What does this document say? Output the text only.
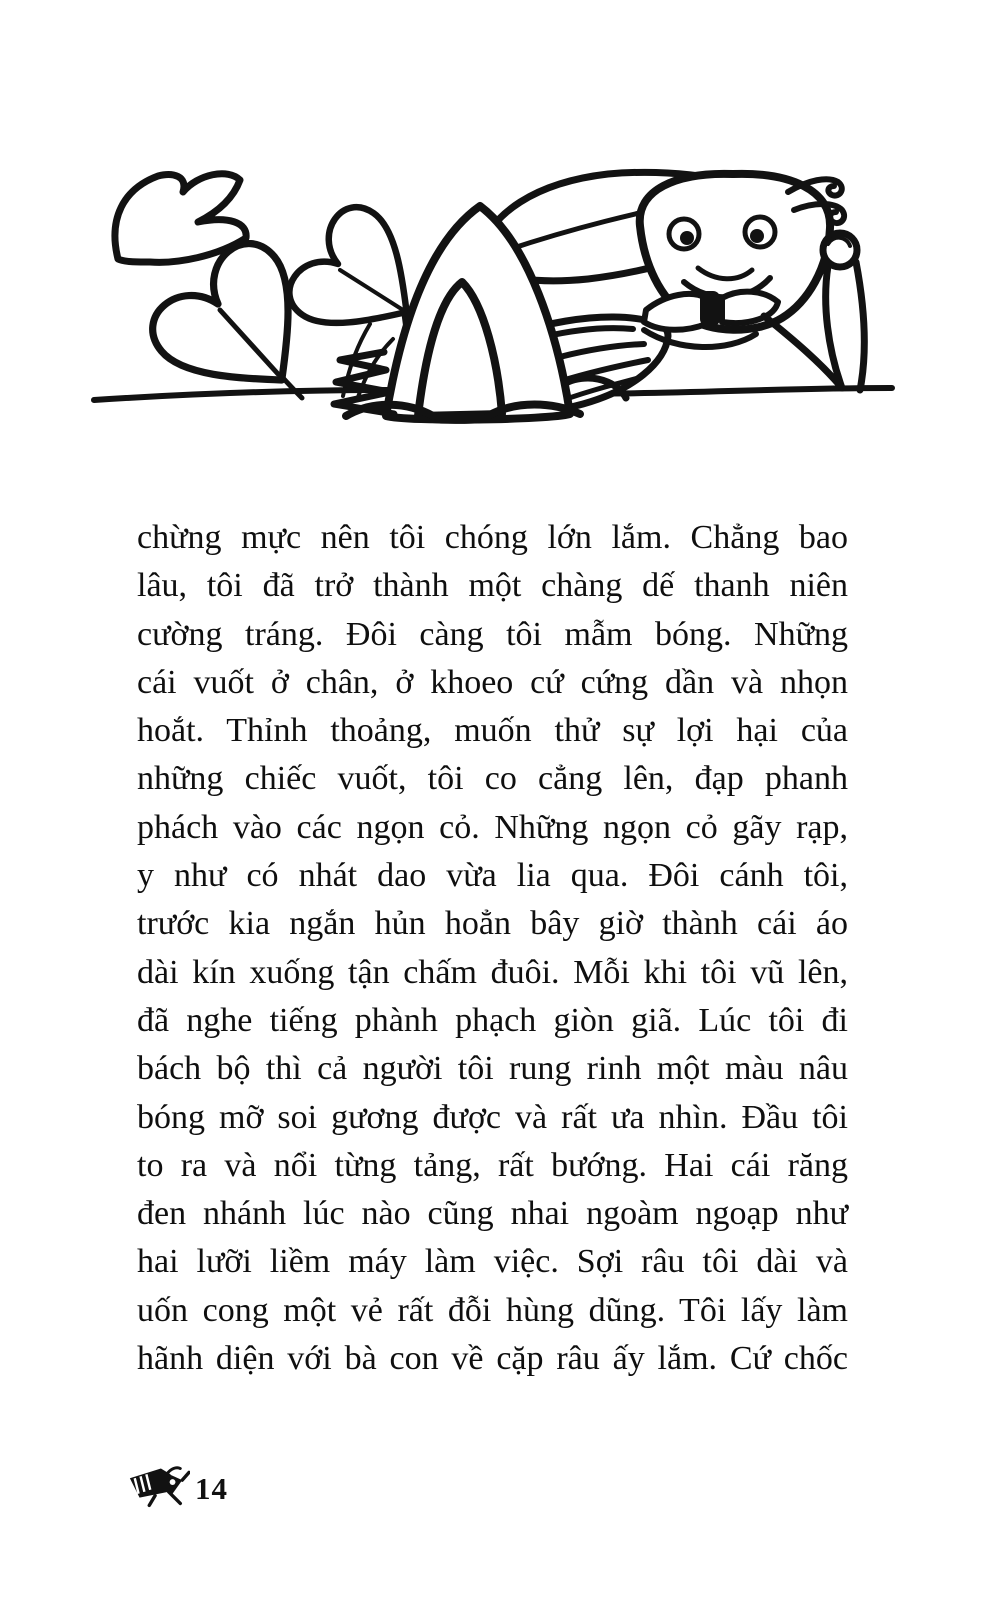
chừng mực nên tôi chóng lớn lắm. Chẳng bao
lâu, tôi đã trở thành một chàng dế thanh niên
cường tráng. Đôi càng tôi mẫm bóng. Những
cái vuốt ở chân, ở khoeo cứ cứng dần và nhọn
hoắt. Thỉnh thoảng, muốn thử sự lợi hại của
những chiếc vuốt, tôi co cẳng lên, đạp phanh
phách vào các ngọn cỏ. Những ngọn cỏ gãy rạp,
y như có nhát dao vừa lia qua. Đôi cánh tôi,
trước kia ngắn hủn hoẳn bây giờ thành cái áo
dài kín xuống tận chấm đuôi. Mỗi khi tôi vũ lên,
đã nghe tiếng phành phạch giòn giã. Lúc tôi đi
bách bộ thì cả người tôi rung rinh một màu nâu
bóng mỡ soi gương được và rất ưa nhìn. Đầu tôi
to ra và nổi từng tảng, rất bướng. Hai cái răng
đen nhánh lúc nào cũng nhai ngoàm ngoạp như
hai lưỡi liềm máy làm việc. Sợi râu tôi dài và
uốn cong một vẻ rất đỗi hùng dũng. Tôi lấy làm
hãnh diện với bà con về cặp râu ấy lắm. Cứ chốc
14
